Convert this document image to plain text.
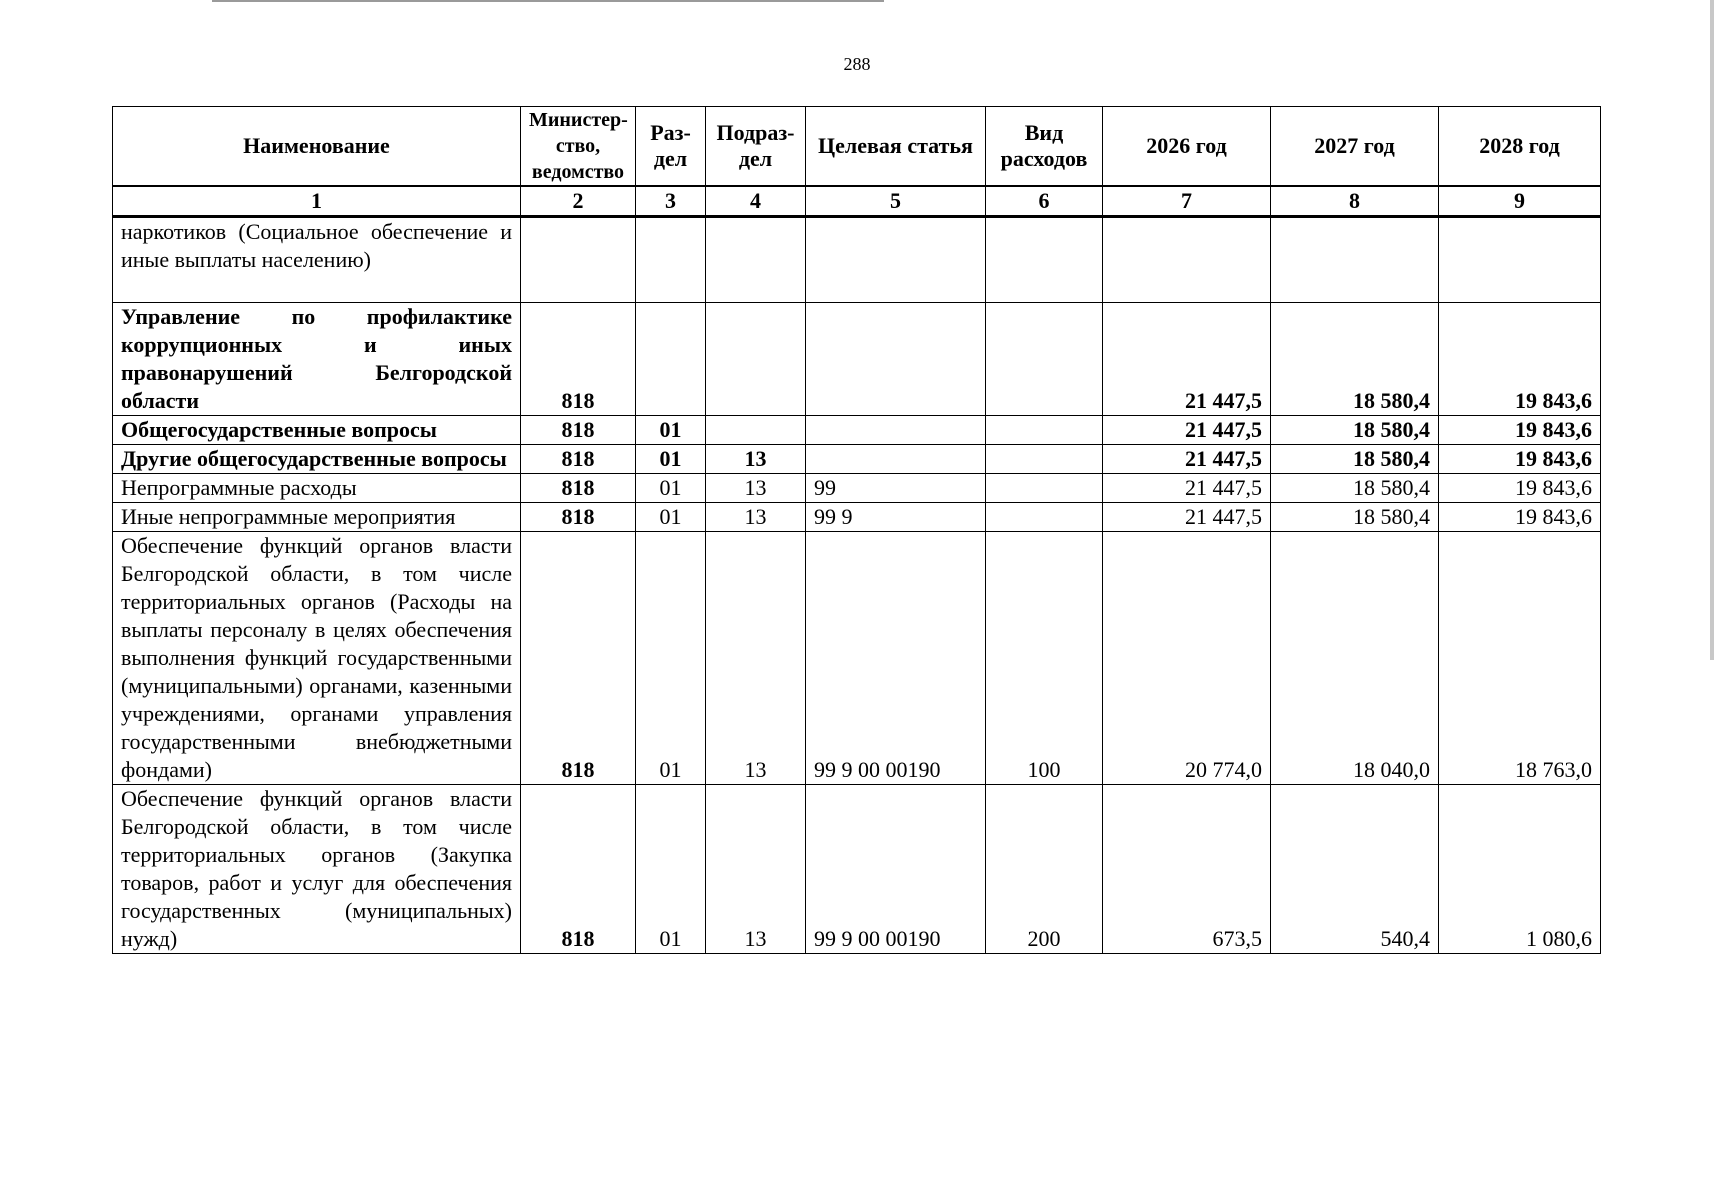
288
Наименование	Министер-ство, ведомство	Раз-дел	Подраз-дел	Целевая статья	Вид расходов	2026 год	2027 год	2028 год
1	2	3	4	5	6	7	8	9
наркотиков (Социальное обеспечение и иные выплаты населению)								
Управление по профилактике коррупционных и иных правонарушений Белгородской области	818					21 447,5	18 580,4	19 843,6
Общегосударственные вопросы	818	01				21 447,5	18 580,4	19 843,6
Другие общегосударственные вопросы	818	01	13			21 447,5	18 580,4	19 843,6
Непрограммные расходы	818	01	13	99		21 447,5	18 580,4	19 843,6
Иные непрограммные мероприятия	818	01	13	99 9		21 447,5	18 580,4	19 843,6
Обеспечение функций органов власти Белгородской области, в том числе территориальных органов (Расходы на выплаты персоналу в целях обеспечения выполнения функций государственными (муниципальными) органами, казенными учреждениями, органами управления государственными внебюджетными фондами)	818	01	13	99 9 00 00190	100	20 774,0	18 040,0	18 763,0
Обеспечение функций органов власти Белгородской области, в том числе территориальных органов (Закупка товаров, работ и услуг для обеспечения государственных (муниципальных) нужд)	818	01	13	99 9 00 00190	200	673,5	540,4	1 080,6
